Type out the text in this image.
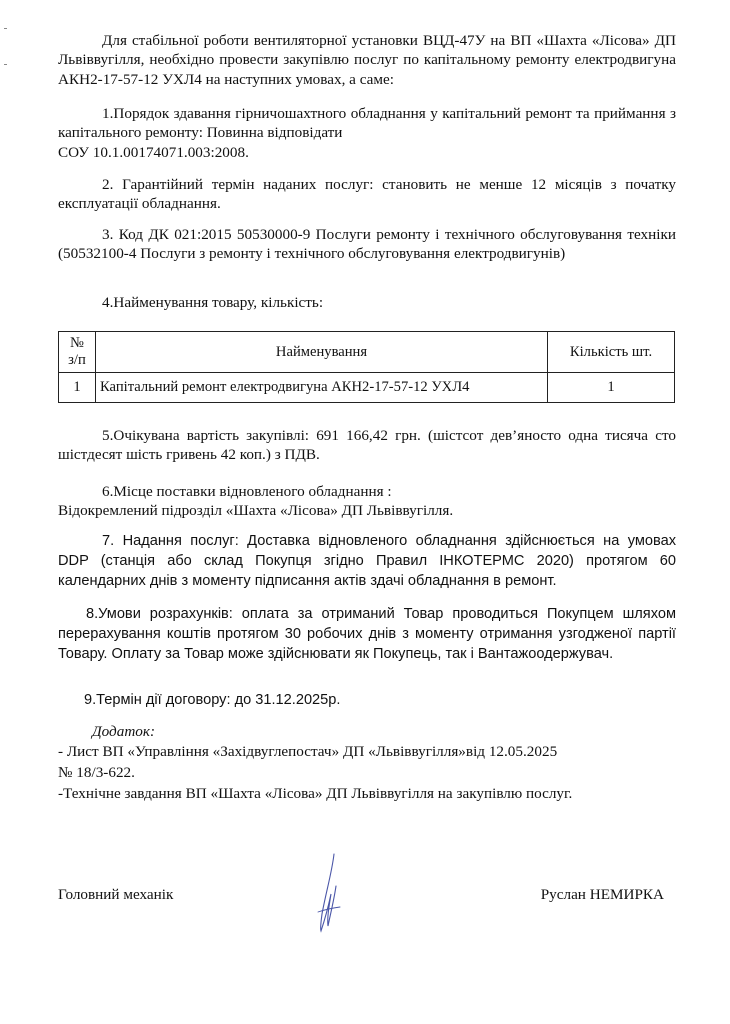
Для стабільної роботи вентиляторної установки ВЦД-47У на ВП «Шахта «Лісова» ДП Львіввугілля, необхідно провести закупівлю послуг по капітальному ремонту електродвигуна АКН2-17-57-12 УХЛ4 на наступних умовах, а саме:

1.Порядок здавання гірничошахтного обладнання у капітальний ремонт та приймання з капітального ремонту: Повинна відповідати

СОУ 10.1.00174071.003:2008.

2. Гарантійний термін наданих послуг: становить не менше 12 місяців з початку експлуатації обладнання.

3. Код ДК 021:2015 50530000-9 Послуги ремонту і технічного обслуговування техніки (50532100-4 Послуги з ремонту і технічного обслуговування електродвигунів)

4.Найменування товару, кількість:

№
з/п	Найменування	Кількість шт.
1	Капітальний ремонт електродвигуна АКН2-17-57-12 УХЛ4	1

5.Очікувана вартість закупівлі: 691 166,42 грн. (шістсот дев’яносто одна тисяча сто шістдесят шість гривень 42 коп.) з ПДВ.

6.Місце поставки відновленого обладнання :

Відокремлений підрозділ «Шахта «Лісова» ДП Львіввугілля.

7. Надання послуг: Доставка відновленого обладнання здійснюється на умовах DDP (станція або склад Покупця згідно Правил ІНКОТЕРМС 2020) протягом 60 календарних днів з моменту підписання актів здачі обладнання в ремонт.

8.Умови розрахунків: оплата за отриманий Товар проводиться Покупцем шляхом перерахування коштів протягом 30 робочих днів з моменту отримання узгодженої партії Товару. Оплату за Товар може здійснювати як Покупець, так і Вантажоодержувач.

9.Термін дії договору: до 31.12.2025р.

Додаток:

- Лист ВП «Управління «Західвуглепостач» ДП «Львіввугілля»від 12.05.2025

№ 18/3-622.

-Технічне завдання ВП «Шахта «Лісова» ДП Львіввугілля на закупівлю послуг.

Головний механік	Руслан НЕМИРКА
